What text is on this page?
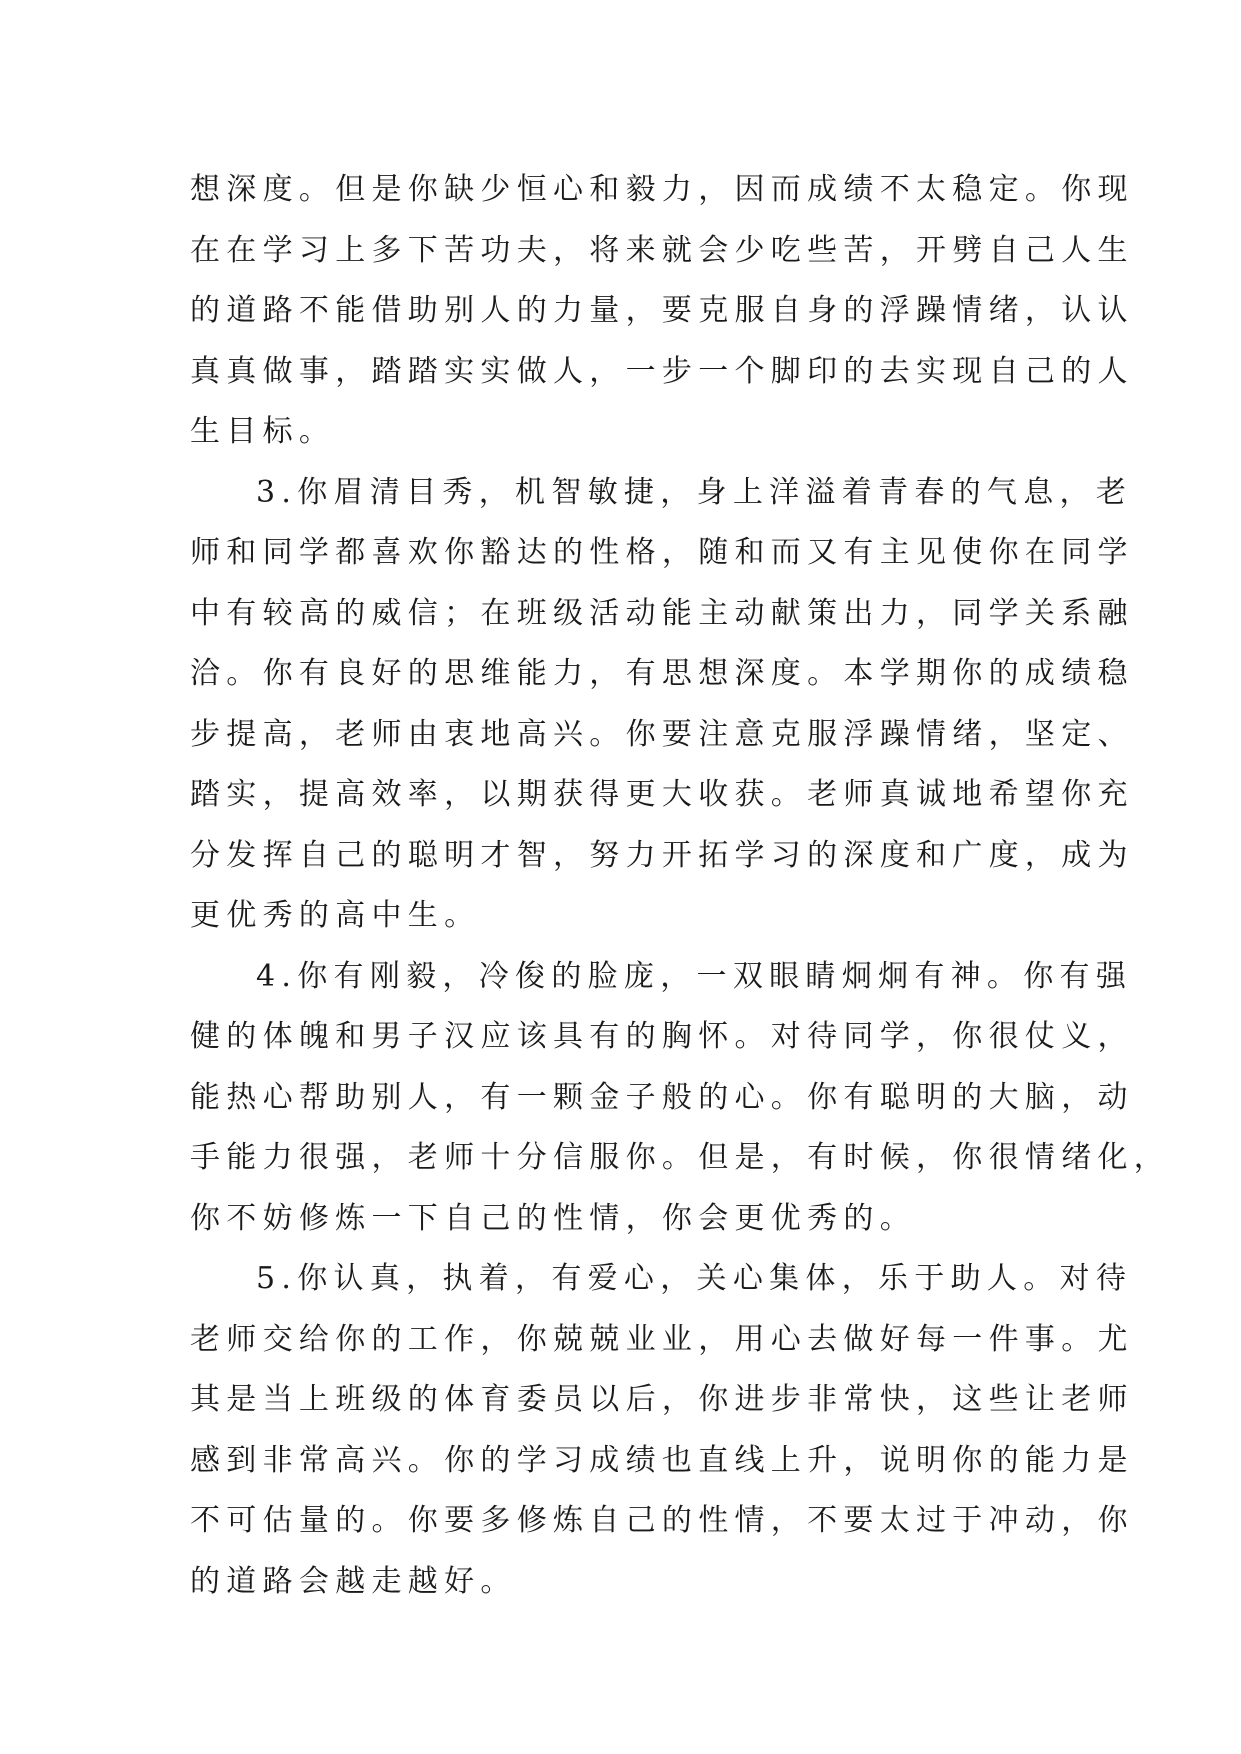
想深度。但是你缺少恒心和毅力，因而成绩不太稳定。你现
在在学习上多下苦功夫，将来就会少吃些苦，开劈自己人生
的道路不能借助别人的力量，要克服自身的浮躁情绪，认认
真真做事，踏踏实实做人，一步一个脚印的去实现自己的人
生目标。
3.你眉清目秀，机智敏捷，身上洋溢着青春的气息，老
师和同学都喜欢你豁达的性格，随和而又有主见使你在同学
中有较高的威信；在班级活动能主动献策出力，同学关系融
洽。你有良好的思维能力，有思想深度。本学期你的成绩稳
步提高，老师由衷地高兴。你要注意克服浮躁情绪，坚定、
踏实，提高效率，以期获得更大收获。老师真诚地希望你充
分发挥自己的聪明才智，努力开拓学习的深度和广度，成为
更优秀的高中生。
4.你有刚毅，冷俊的脸庞，一双眼睛炯炯有神。你有强
健的体魄和男子汉应该具有的胸怀。对待同学，你很仗义，
能热心帮助别人，有一颗金子般的心。你有聪明的大脑，动
手能力很强，老师十分信服你。但是，有时候，你很情绪化，
你不妨修炼一下自己的性情，你会更优秀的。
5.你认真，执着，有爱心，关心集体，乐于助人。对待
老师交给你的工作，你兢兢业业，用心去做好每一件事。尤
其是当上班级的体育委员以后，你进步非常快，这些让老师
感到非常高兴。你的学习成绩也直线上升，说明你的能力是
不可估量的。你要多修炼自己的性情，不要太过于冲动，你
的道路会越走越好。
